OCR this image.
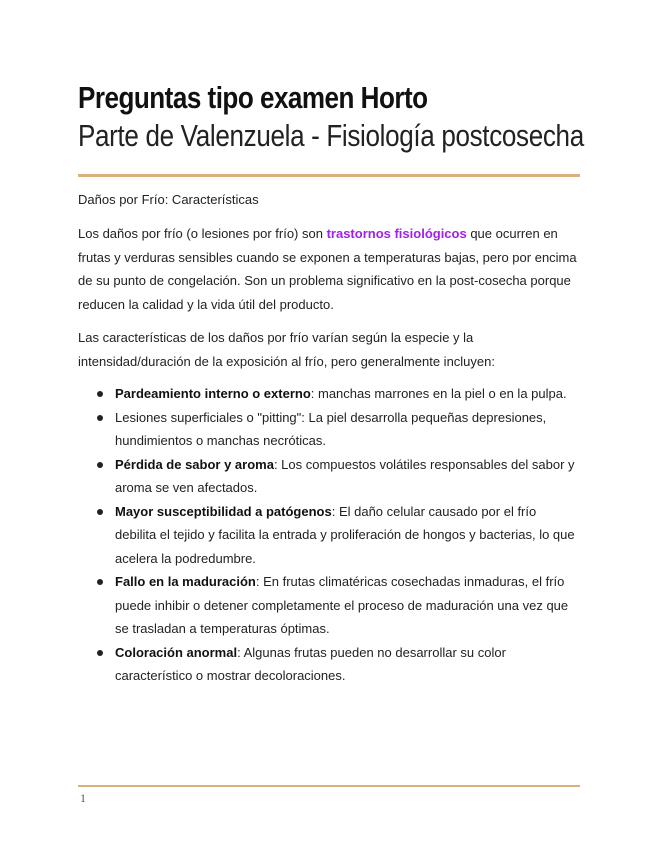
Preguntas tipo examen Horto
Parte de Valenzuela - Fisiología postcosecha
Daños por Frío: Características

Los daños por frío (o lesiones por frío) son trastornos fisiológicos que ocurren en frutas y verduras sensibles cuando se exponen a temperaturas bajas, pero por encima de su punto de congelación. Son un problema significativo en la post-cosecha porque reducen la calidad y la vida útil del producto.

Las características de los daños por frío varían según la especie y la intensidad/duración de la exposición al frío, pero generalmente incluyen:

Pardeamiento interno o externo: manchas marrones en la piel o en la pulpa.
Lesiones superficiales o "pitting": La piel desarrolla pequeñas depresiones, hundimientos o manchas necróticas.
Pérdida de sabor y aroma: Los compuestos volátiles responsables del sabor y aroma se ven afectados.
Mayor susceptibilidad a patógenos: El daño celular causado por el frío debilita el tejido y facilita la entrada y proliferación de hongos y bacterias, lo que acelera la podredumbre.
Fallo en la maduración: En frutas climatéricas cosechadas inmaduras, el frío puede inhibir o detener completamente el proceso de maduración una vez que se trasladan a temperaturas óptimas.
Coloración anormal: Algunas frutas pueden no desarrollar su color característico o mostrar decoloraciones.
1
